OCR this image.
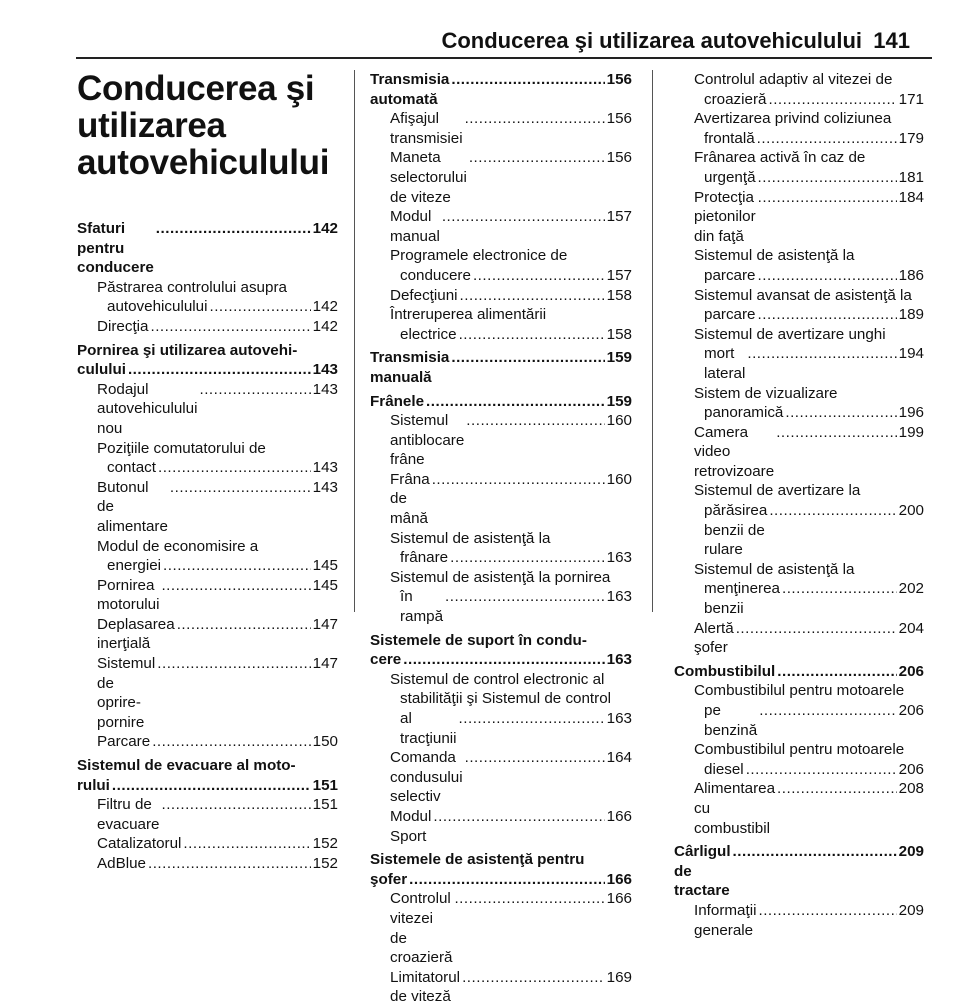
Conducerea şi utilizarea autovehiculului 141
Conducerea şi utilizarea autovehiculului
Sfaturi pentru conducere
.....
142
Păstrarea controlului asupra
autovehiculului .....	142
Direcţia .....	142
Pornirea şi utilizarea autovehi-
culului .....	143
Rodajul autovehiculului nou
.....
143
Poziţiile comutatorului de
contact .....	143
Butonul de alimentare
.....
143
Modul de economisire a
energiei .....	145
Pornirea motorului
.....
145
Deplasarea inerţială
.....
147
Sistemul de oprire-pornire
.....
147
Parcare .....	150
Sistemul de evacuare al moto-
rului .....	151
Filtru de evacuare
.....
151
Catalizatorul .....	152
AdBlue .....	152
Transmisia automată
.....
156
Afişajul transmisiei
.....
156
Maneta selectorului de viteze
.....
156
Modul manual
.....
157
Programele electronice de
conducere .....	157
Defecţiuni .....	158
Întreruperea alimentării
electrice .....	158
Transmisia manuală
.....
159
Frânele .....	159
Sistemul antiblocare frâne
.....
160
Frâna de mână
.....
160
Sistemul de asistenţă la
frânare .....	163
Sistemul de asistenţă la pornirea
în rampă
.....
163
Sistemele de suport în condu-
cere .....	163
Sistemul de control electronic al
stabilităţii şi Sistemul de control
al tracţiunii
.....
163
Comanda condusului selectiv
.....
164
Modul Sport
.....
166
Sistemele de asistenţă pentru
şofer .....	166
Controlul vitezei de croazieră
.....
166
Limitatorul de viteză
.....
169
Controlul adaptiv al vitezei de
croazieră .....	171
Avertizarea privind coliziunea
frontală .....	179
Frânarea activă în caz de
urgenţă .....	181
Protecţia pietonilor din faţă
.....
184
Sistemul de asistenţă la
parcare .....	186
Sistemul avansat de asistenţă la
parcare .....	189
Sistemul de avertizare unghi
mort lateral
.....
194
Sistem de vizualizare
panoramică .....	196
Camera video retrovizoare
.....
199
Sistemul de avertizare la
părăsirea benzii de rulare
.....
200
Sistemul de asistenţă la
menţinerea benzii
.....
202
Alertă şofer
.....
204
Combustibilul .....	206
Combustibilul pentru motoarele
pe benzină
.....
206
Combustibilul pentru motoarele
diesel .....	206
Alimentarea cu combustibil
.....
208
Cârligul de tractare
.....
209
Informaţii generale
.....
209
